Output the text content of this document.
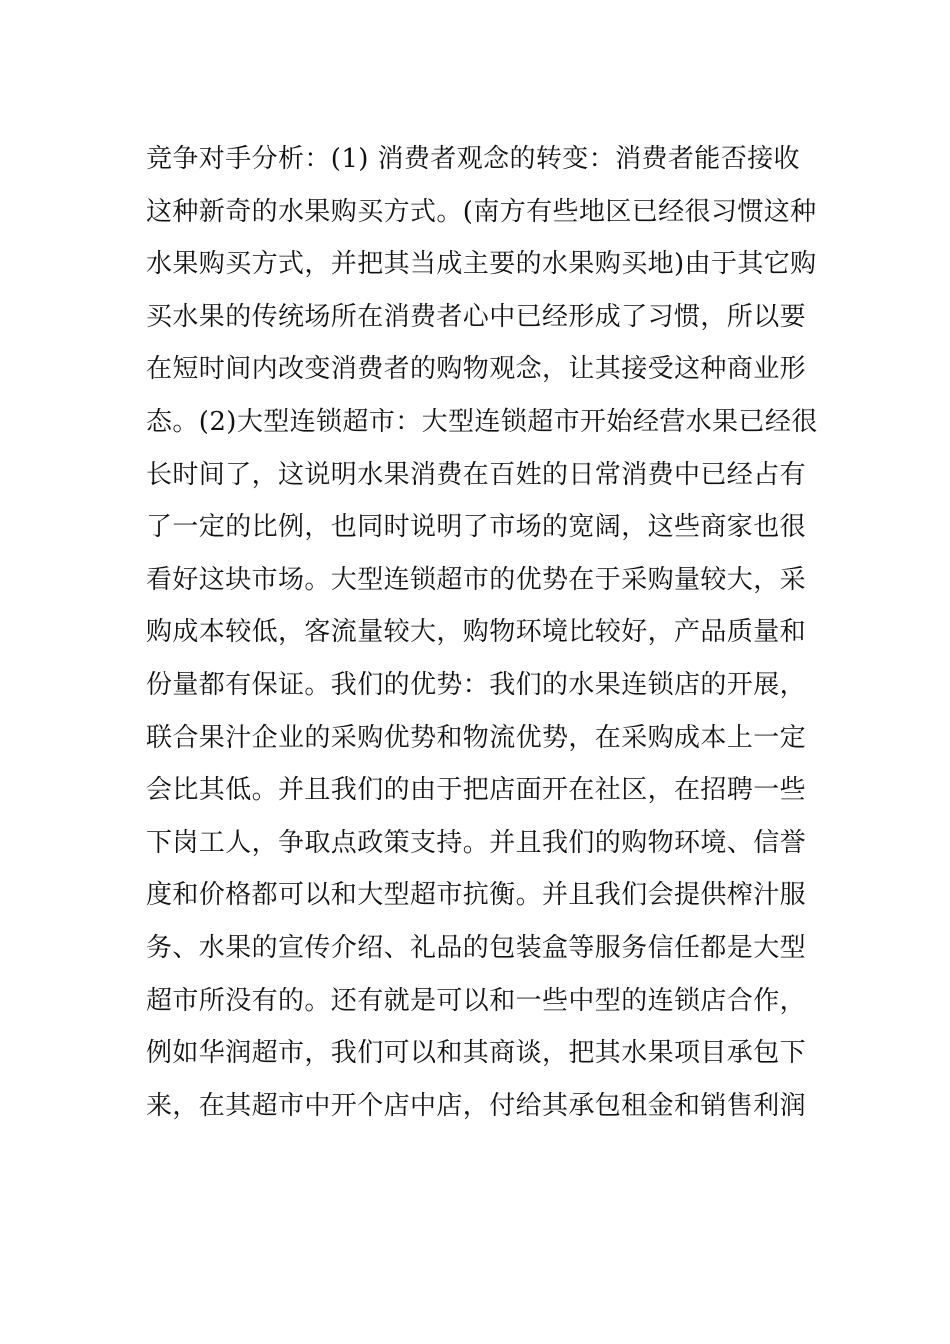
竞争对手分析：(1) 消费者观念的转变：消费者能否接收
这种新奇的水果购买方式。(南方有些地区已经很习惯这种
水果购买方式，并把其当成主要的水果购买地)由于其它购
买水果的传统场所在消费者心中已经形成了习惯，所以要
在短时间内改变消费者的购物观念，让其接受这种商业形
态。(2)大型连锁超市：大型连锁超市开始经营水果已经很
长时间了，这说明水果消费在百姓的日常消费中已经占有
了一定的比例，也同时说明了市场的宽阔，这些商家也很
看好这块市场。大型连锁超市的优势在于采购量较大，采
购成本较低，客流量较大，购物环境比较好，产品质量和
份量都有保证。我们的优势：我们的水果连锁店的开展，
联合果汁企业的采购优势和物流优势，在采购成本上一定
会比其低。并且我们的由于把店面开在社区，在招聘一些
下岗工人，争取点政策支持。并且我们的购物环境、信誉
度和价格都可以和大型超市抗衡。并且我们会提供榨汁服
务、水果的宣传介绍、礼品的包装盒等服务信任都是大型
超市所没有的。还有就是可以和一些中型的连锁店合作，
例如华润超市，我们可以和其商谈，把其水果项目承包下
来，在其超市中开个店中店，付给其承包租金和销售利润
